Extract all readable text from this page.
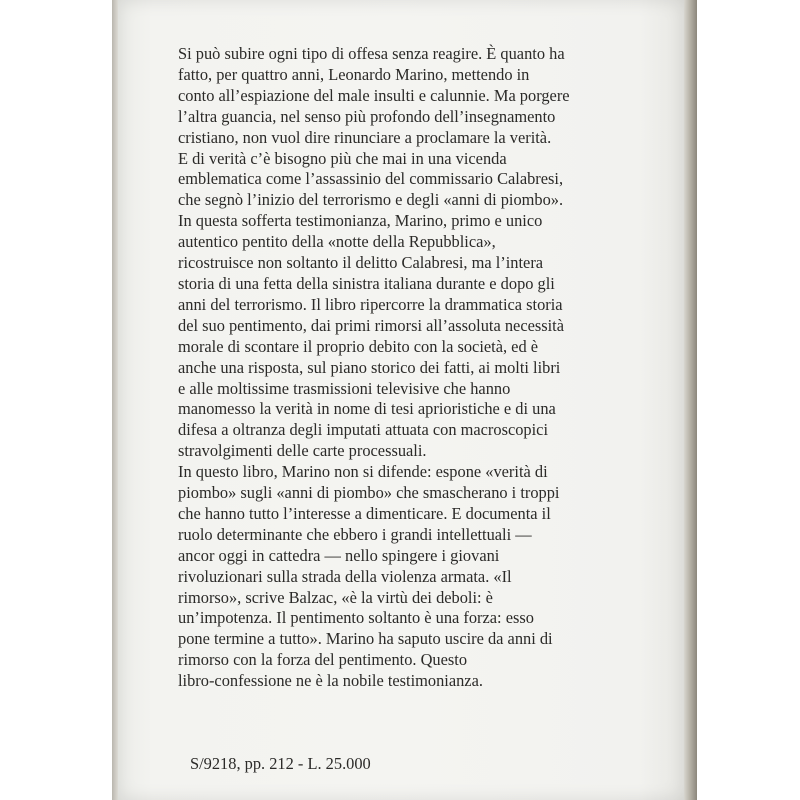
Si può subire ogni tipo di offesa senza reagire. È quanto ha
fatto, per quattro anni, Leonardo Marino, mettendo in
conto all’espiazione del male insulti e calunnie. Ma porgere
l’altra guancia, nel senso più profondo dell’insegnamento
cristiano, non vuol dire rinunciare a proclamare la verità.
E di verità c’è bisogno più che mai in una vicenda
emblematica come l’assassinio del commissario Calabresi,
che segnò l’inizio del terrorismo e degli «anni di piombo».
In questa sofferta testimonianza, Marino, primo e unico
autentico pentito della «notte della Repubblica»,
ricostruisce non soltanto il delitto Calabresi, ma l’intera
storia di una fetta della sinistra italiana durante e dopo gli
anni del terrorismo. Il libro ripercorre la drammatica storia
del suo pentimento, dai primi rimorsi all’assoluta necessità
morale di scontare il proprio debito con la società, ed è
anche una risposta, sul piano storico dei fatti, ai molti libri
e alle moltissime trasmissioni televisive che hanno
manomesso la verità in nome di tesi aprioristiche e di una
difesa a oltranza degli imputati attuata con macroscopici
stravolgimenti delle carte processuali.
In questo libro, Marino non si difende: espone «verità di
piombo» sugli «anni di piombo» che smascherano i troppi
che hanno tutto l’interesse a dimenticare. E documenta il
ruolo determinante che ebbero i grandi intellettuali —
ancor oggi in cattedra — nello spingere i giovani
rivoluzionari sulla strada della violenza armata. «Il
rimorso», scrive Balzac, «è la virtù dei deboli: è
un’impotenza. Il pentimento soltanto è una forza: esso
pone termine a tutto». Marino ha saputo uscire da anni di
rimorso con la forza del pentimento. Questo
libro-confessione ne è la nobile testimonianza.

S/9218, pp. 212 - L. 25.000
